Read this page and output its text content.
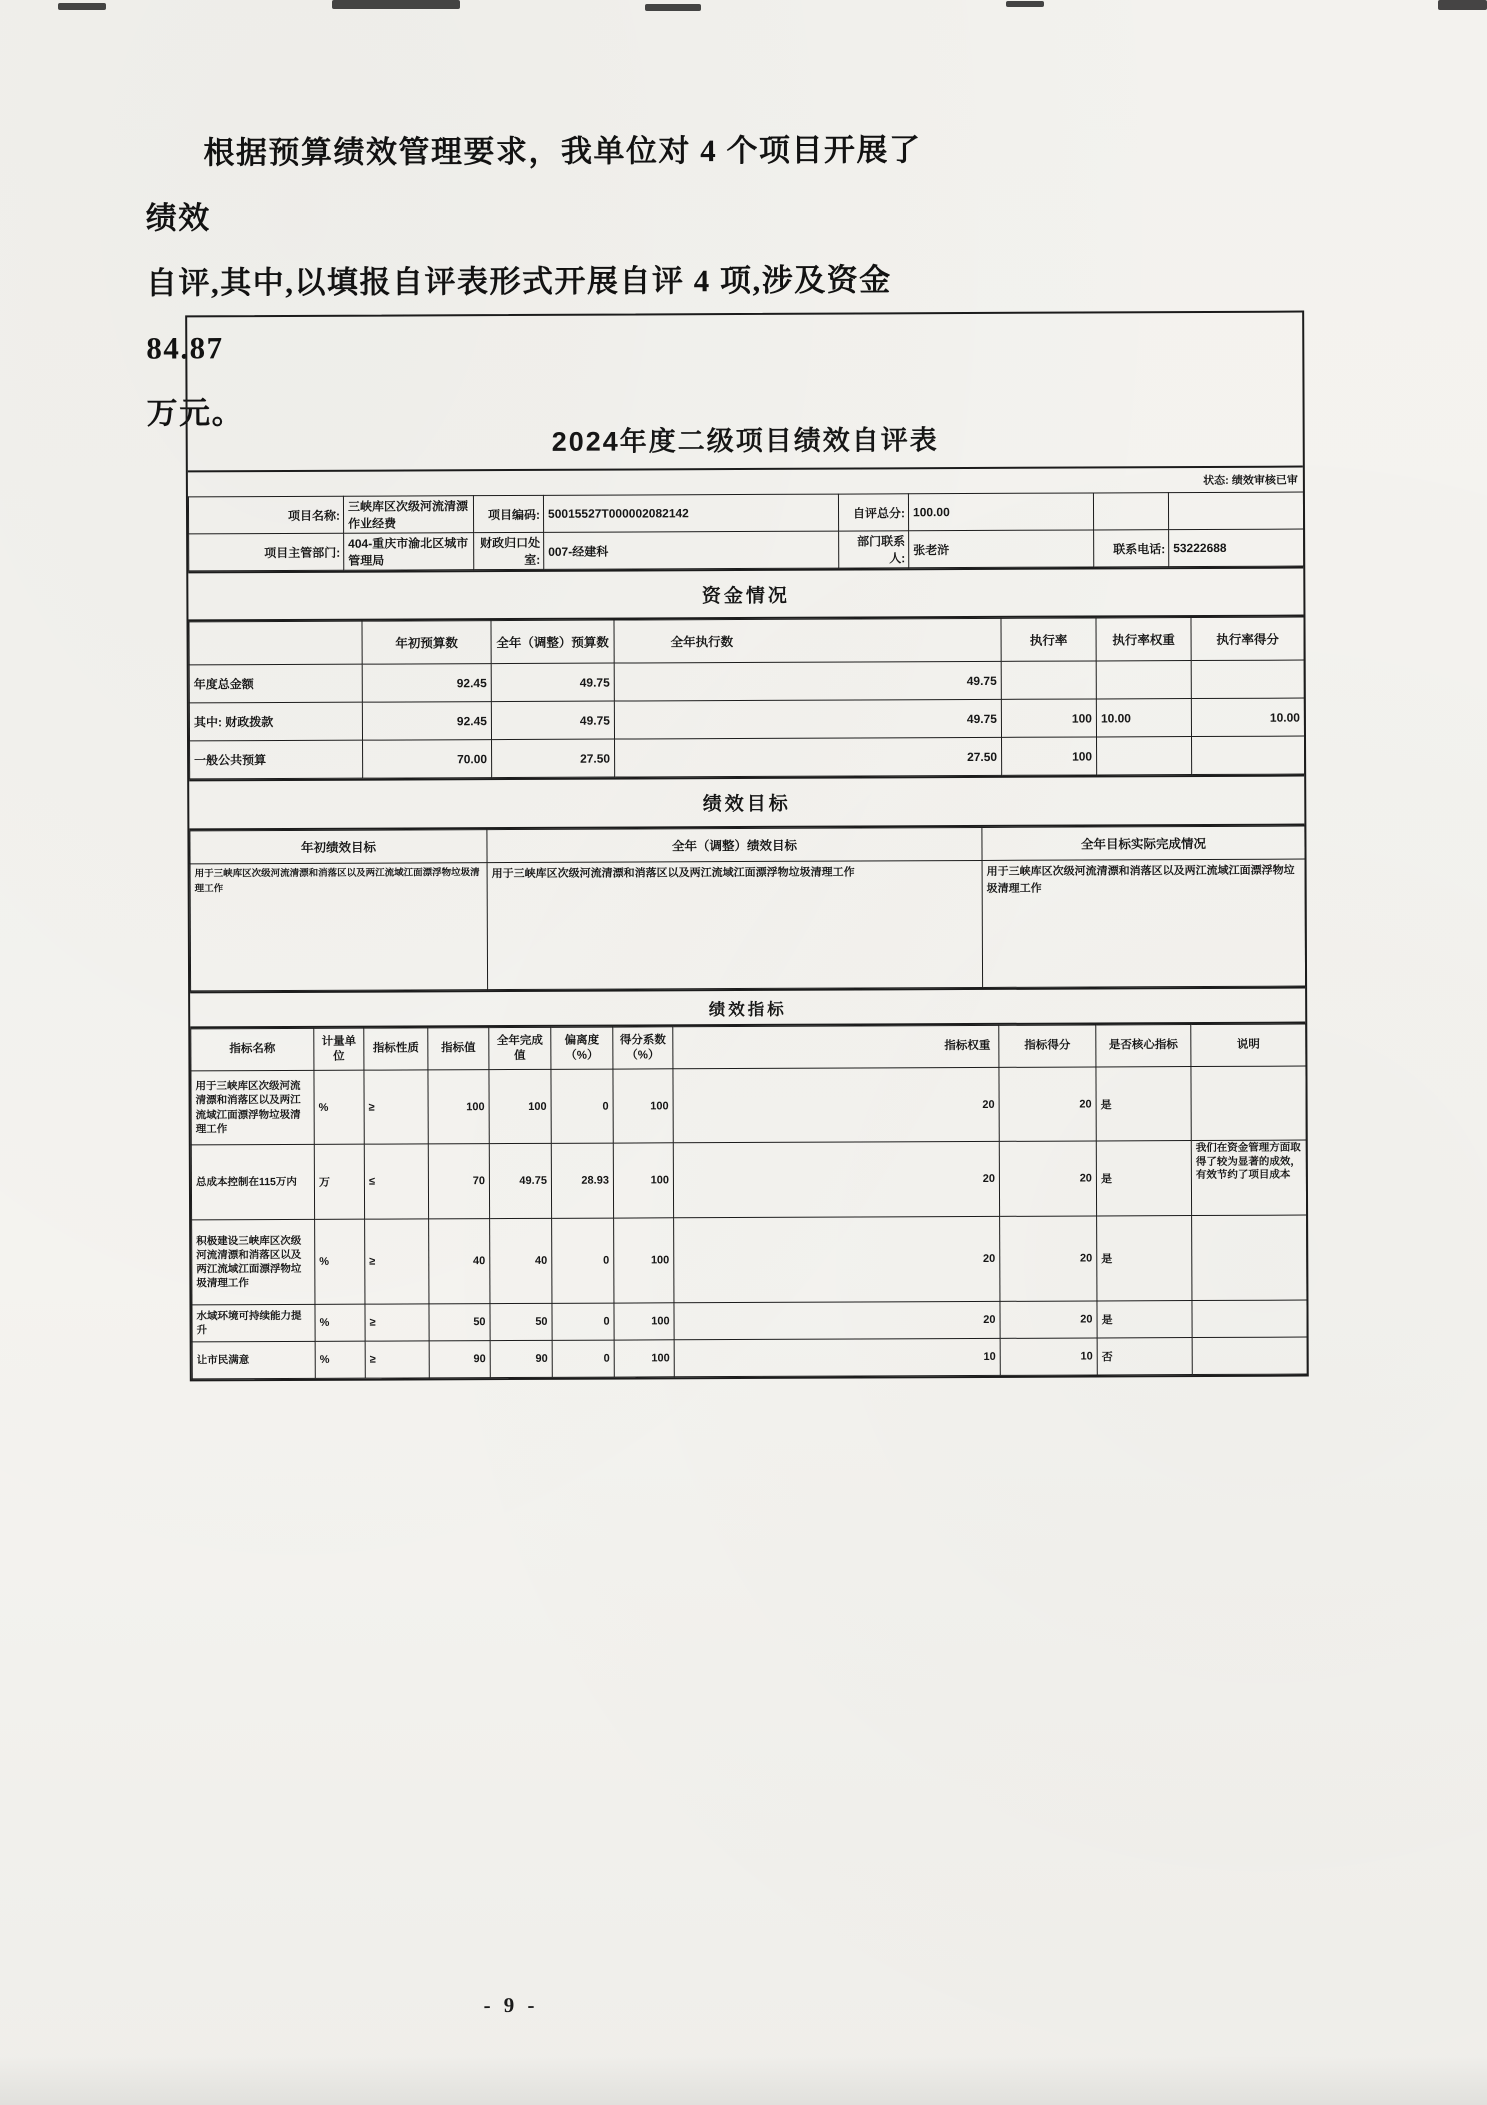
根据预算绩效管理要求，我单位对 4 个项目开展了绩效

自评,其中,以填报自评表形式开展自评 4 项,涉及资金 84.87

万元。

2024年度二级项目绩效自评表
状态: 绩效审核已审
项目名称:	三峡库区次级河流清漂作业经费	项目编码:	50015527T000002082142	自评总分:	100.00		
项目主管部门:	404-重庆市渝北区城市管理局	财政归口处室:	007-经建科	部门联系人:	张老浒	联系电话:	53222688
资金情况
	年初预算数	全年（调整）预算数	全年执行数	执行率	执行率权重	执行率得分
年度总金额	92.45	49.75	49.75			
其中: 财政拨款	92.45	49.75	49.75	100	10.00	10.00
一般公共预算	70.00	27.50	27.50	100		
绩效目标
年初绩效目标	全年（调整）绩效目标	全年目标实际完成情况
用于三峡库区次级河流清漂和消落区以及两江流域江面漂浮物垃圾清理工作	用于三峡库区次级河流清漂和消落区以及两江流域江面漂浮物垃圾清理工作	用于三峡库区次级河流清漂和消落区以及两江流域江面漂浮物垃圾清理工作
绩效指标
指标名称	计量单位	指标性质	指标值	全年完成值	偏离度（%）	得分系数（%）	指标权重	指标得分	是否核心指标	说明
用于三峡库区次级河流清漂和消落区以及两江流域江面漂浮物垃圾清理工作	%	≥	100	100	0	100	20	20	是	
总成本控制在115万内	万	≤	70	49.75	28.93	100	20	20	是	我们在资金管理方面取得了较为显著的成效，有效节约了项目成本
积极建设三峡库区次级河流清漂和消落区以及两江流域江面漂浮物垃圾清理工作	%	≥	40	40	0	100	20	20	是	
水域环境可持续能力提升	%	≥	50	50	0	100	20	20	是	
让市民满意	%	≥	90	90	0	100	10	10	否	
- 9 -
